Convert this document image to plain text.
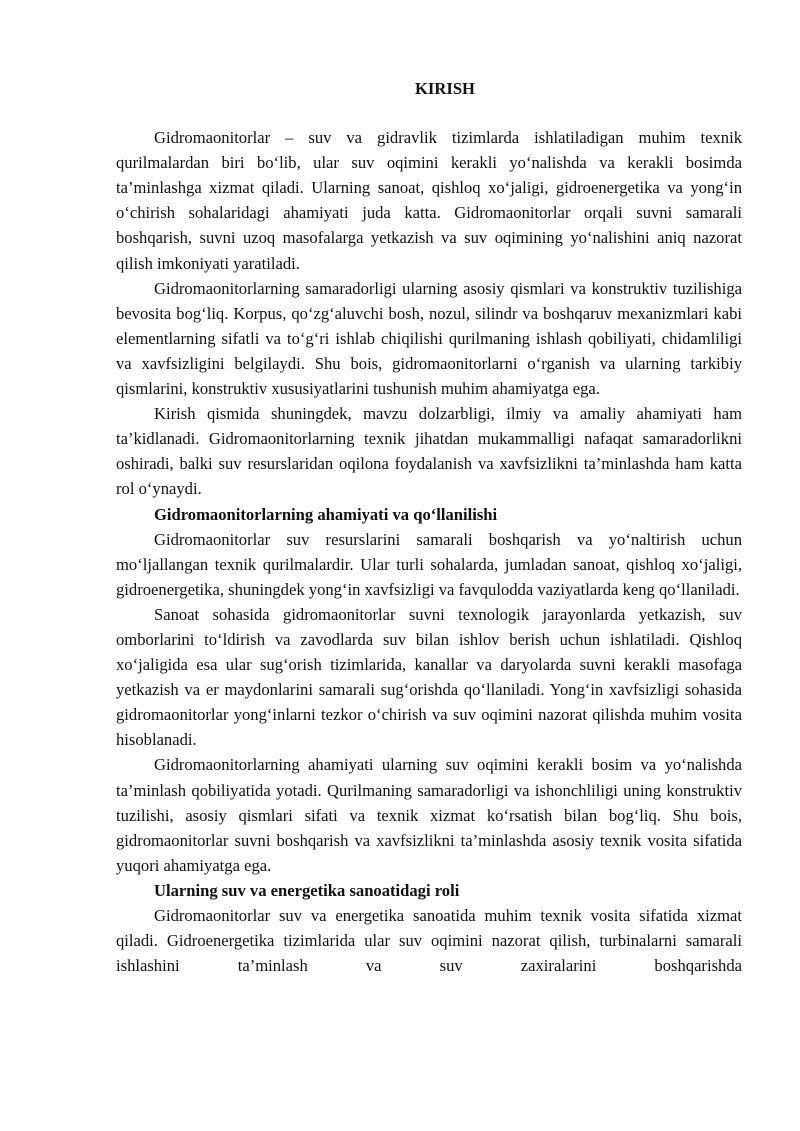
KIRISH

Gidromaonitorlar – suv va gidravlik tizimlarda ishlatiladigan muhim texnik qurilmalardan biri bo‘lib, ular suv oqimini kerakli yo‘nalishda va kerakli bosimda ta’minlashga xizmat qiladi. Ularning sanoat, qishloq xo‘jaligi, gidroenergetika va yong‘in o‘chirish sohalaridagi ahamiyati juda katta. Gidromaonitorlar orqali suvni samarali boshqarish, suvni uzoq masofalarga yetkazish va suv oqimining yo‘nalishini aniq nazorat qilish imkoniyati yaratiladi.

Gidromaonitorlarning samaradorligi ularning asosiy qismlari va konstruktiv tuzilishiga bevosita bog‘liq. Korpus, qo‘zg‘aluvchi bosh, nozul, silindr va boshqaruv mexanizmlari kabi elementlarning sifatli va to‘g‘ri ishlab chiqilishi qurilmaning ishlash qobiliyati, chidamliligi va xavfsizligini belgilaydi. Shu bois, gidromaonitorlarni o‘rganish va ularning tarkibiy qismlarini, konstruktiv xususiyatlarini tushunish muhim ahamiyatga ega.

Kirish qismida shuningdek, mavzu dolzarbligi, ilmiy va amaliy ahamiyati ham ta’kidlanadi. Gidromaonitorlarning texnik jihatdan mukammalligi nafaqat samaradorlikni oshiradi, balki suv resurslaridan oqilona foydalanish va xavfsizlikni ta’minlashda ham katta rol o‘ynaydi.

Gidromaonitorlarning ahamiyati va qo‘llanilishi

Gidromaonitorlar suv resurslarini samarali boshqarish va yo‘naltirish uchun mo‘ljallangan texnik qurilmalardir. Ular turli sohalarda, jumladan sanoat, qishloq xo‘jaligi, gidroenergetika, shuningdek yong‘in xavfsizligi va favqulodda vaziyatlarda keng qo‘llaniladi.

Sanoat sohasida gidromaonitorlar suvni texnologik jarayonlarda yetkazish, suv omborlarini to‘ldirish va zavodlarda suv bilan ishlov berish uchun ishlatiladi. Qishloq xo‘jaligida esa ular sug‘orish tizimlarida, kanallar va daryolarda suvni kerakli masofaga yetkazish va er maydonlarini samarali sug‘orishda qo‘llaniladi. Yong‘in xavfsizligi sohasida gidromaonitorlar yong‘inlarni tezkor o‘chirish va suv oqimini nazorat qilishda muhim vosita hisoblanadi.

Gidromaonitorlarning ahamiyati ularning suv oqimini kerakli bosim va yo‘nalishda ta’minlash qobiliyatida yotadi. Qurilmaning samaradorligi va ishonchliligi uning konstruktiv tuzilishi, asosiy qismlari sifati va texnik xizmat ko‘rsatish bilan bog‘liq. Shu bois, gidromaonitorlar suvni boshqarish va xavfsizlikni ta’minlashda asosiy texnik vosita sifatida yuqori ahamiyatga ega.

Ularning suv va energetika sanoatidagi roli

Gidromaonitorlar suv va energetika sanoatida muhim texnik vosita sifatida xizmat qiladi. Gidroenergetika tizimlarida ular suv oqimini nazorat qilish, turbinalarni samarali ishlashini ta’minlash va suv zaxiralarini boshqarishda
